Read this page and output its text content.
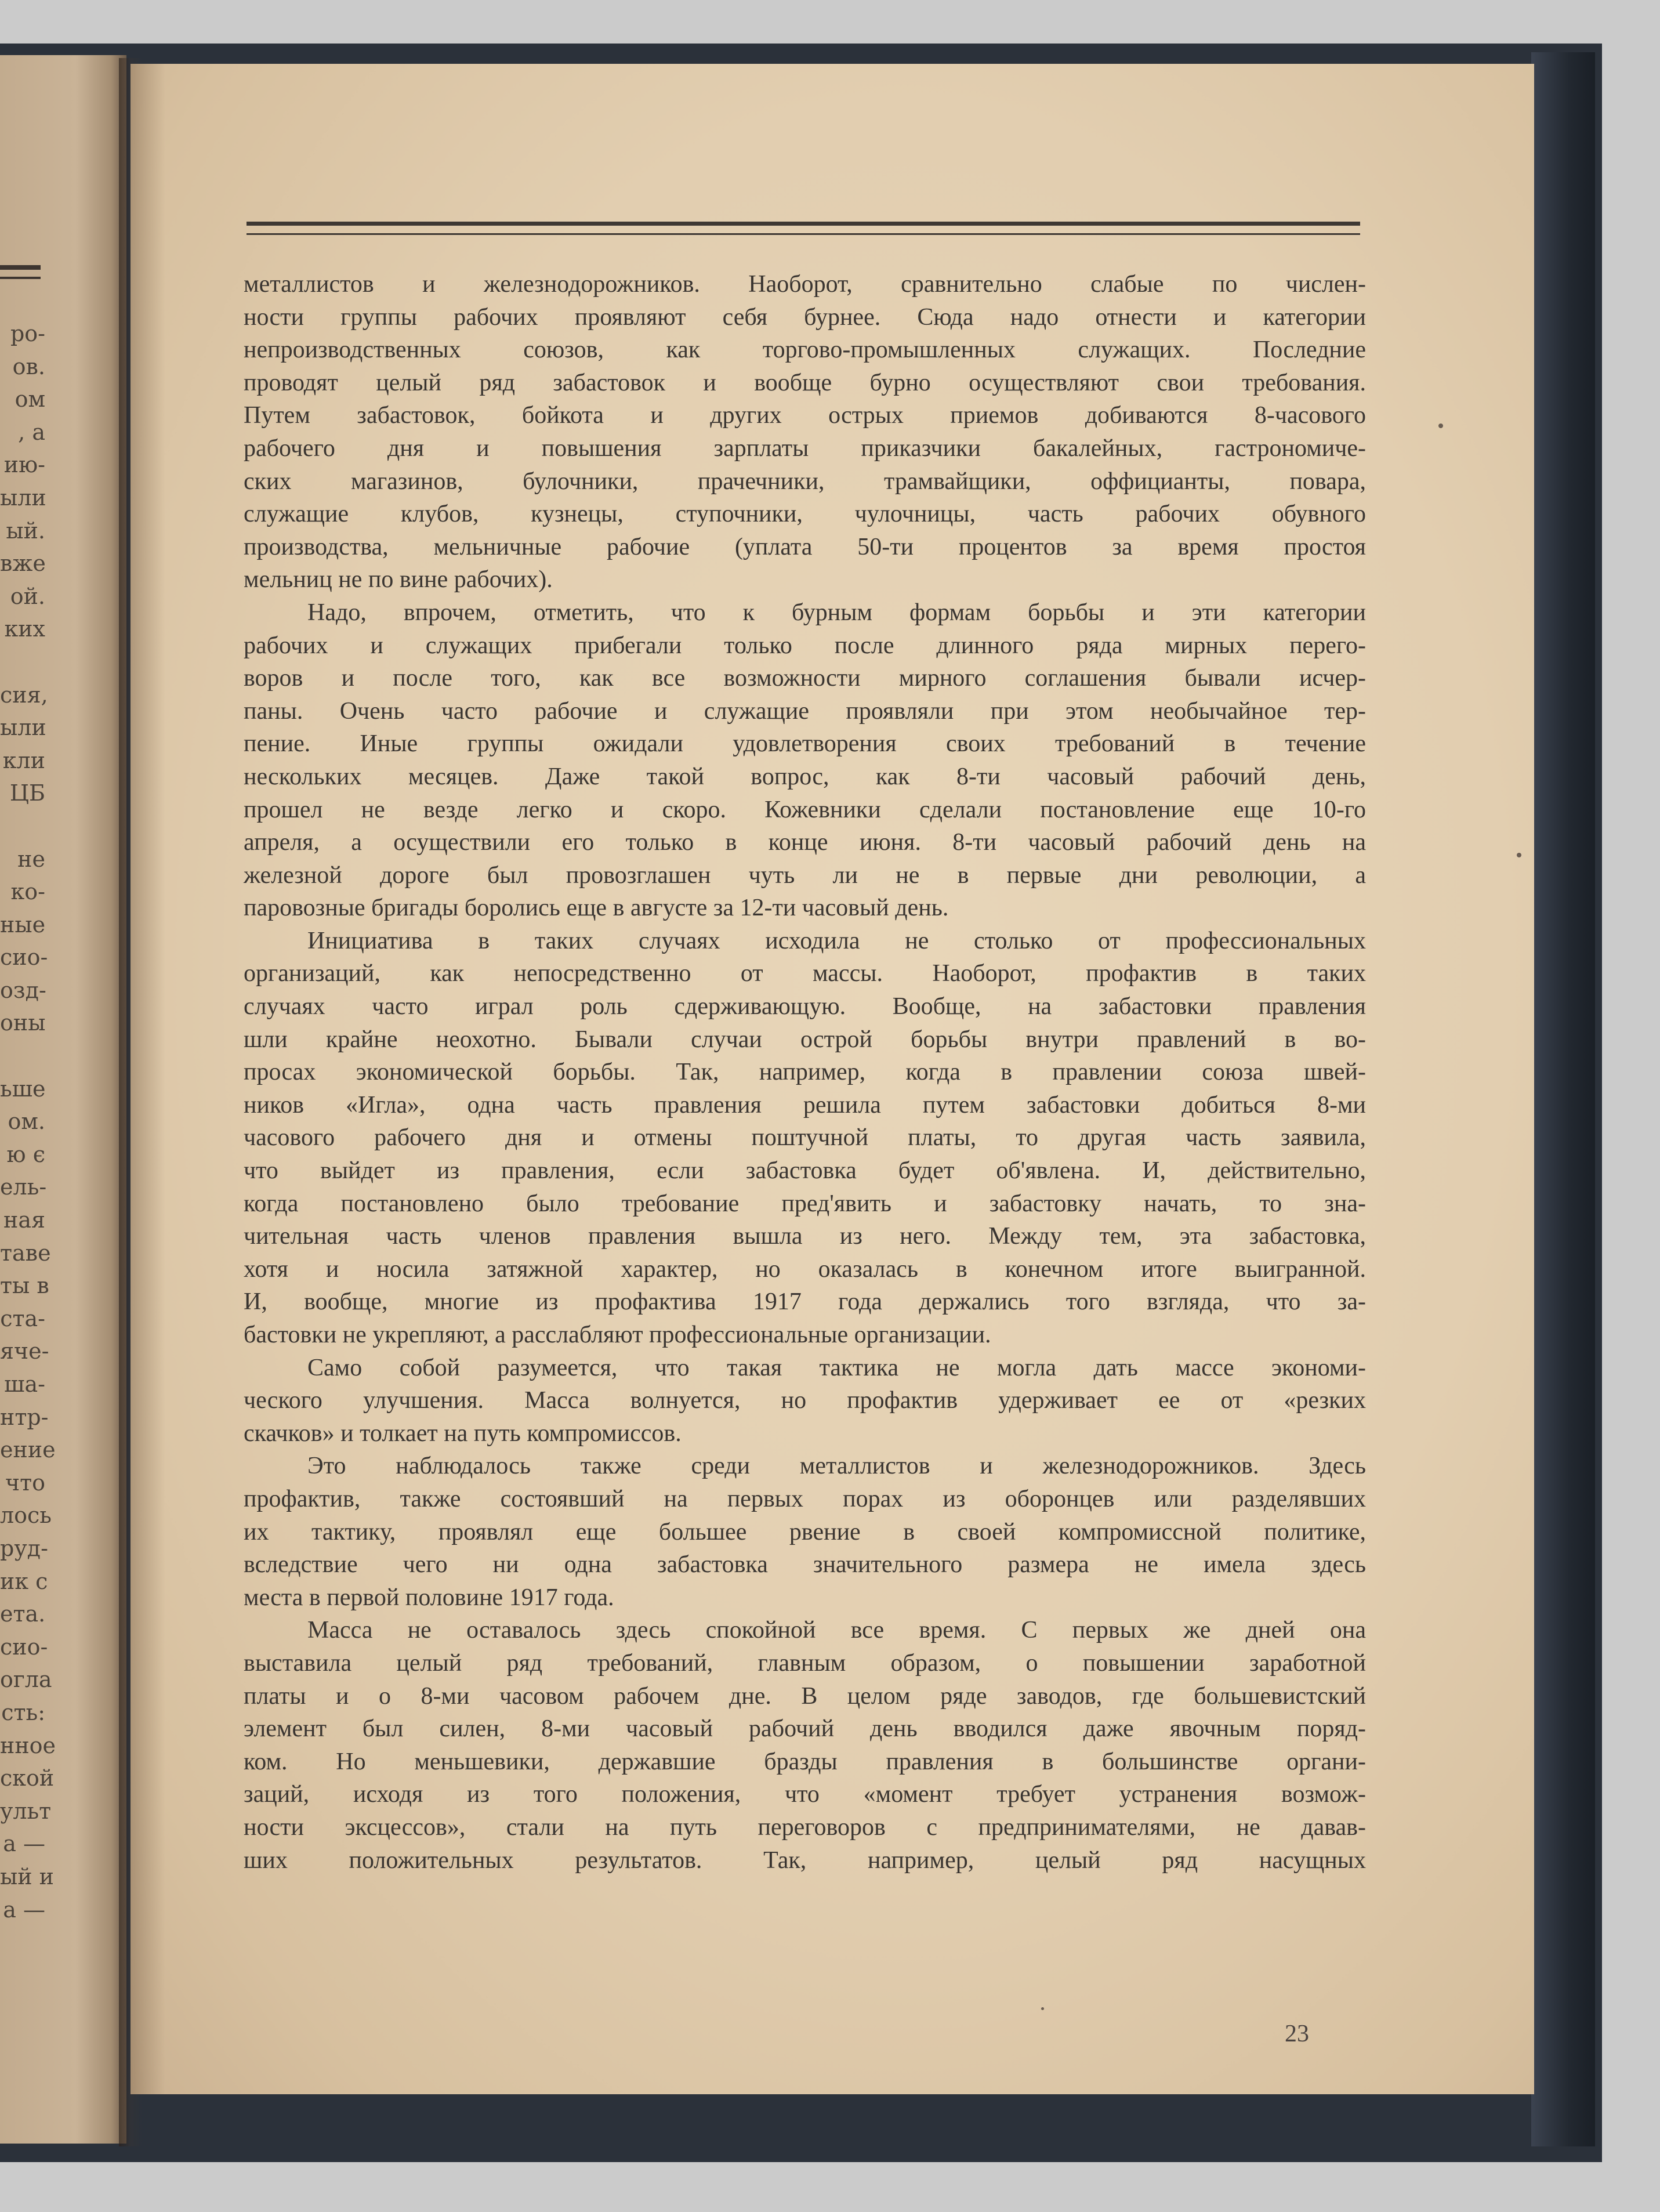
ро-
ов.
ом
, а
ию-
ыли
ый.
вже
ой.
ких
сия,
ыли
кли
ЦБ
не
ко-
ные
сио-
озд-
оны
ьше
ом.
ю є
ель-
ная
таве
ты в
ста-
яче-
ша-
нтр-
ение
что
лось
руд-
ик с
ета.
сио-
огла
сть:
нное
ской
ульт
а —
ый и
а —
металлистов и железнодорожников. Наоборот, сравнительно слабые по числен-
ности группы рабочих проявляют себя бурнее. Сюда надо отнести и категории
непроизводственных союзов, как торгово-промышленных служащих. Последние
проводят целый ряд забастовок и вообще бурно осуществляют свои требования.
Путем забастовок, бойкота и других острых приемов добиваются 8-часового
рабочего дня и повышения зарплаты приказчики бакалейных, гастрономиче-
ских магазинов, булочники, прачечники, трамвайщики, оффицианты, повара,
служащие клубов, кузнецы, ступочники, чулочницы, часть рабочих обувного
производства, мельничные рабочие (уплата 50-ти процентов за время простоя
мельниц не по вине рабочих).
Надо, впрочем, отметить, что к бурным формам борьбы и эти категории
рабочих и служащих прибегали только после длинного ряда мирных перего-
воров и после того, как все возможности мирного соглашения бывали исчер-
паны. Очень часто рабочие и служащие проявляли при этом необычайное тер-
пение. Иные группы ожидали удовлетворения своих требований в течение
нескольких месяцев. Даже такой вопрос, как 8-ти часовый рабочий день,
прошел не везде легко и скоро. Кожевники сделали постановление еще 10-го
апреля, а осуществили его только в конце июня. 8-ти часовый рабочий день на
железной дороге был провозглашен чуть ли не в первые дни революции, а
паровозные бригады боролись еще в августе за 12-ти часовый день.
Инициатива в таких случаях исходила не столько от профессиональных
организаций, как непосредственно от массы. Наоборот, профактив в таких
случаях часто играл роль сдерживающую. Вообще, на забастовки правления
шли крайне неохотно. Бывали случаи острой борьбы внутри правлений в во-
просах экономической борьбы. Так, например, когда в правлении союза швей-
ников «Игла», одна часть правления решила путем забастовки добиться 8-ми
часового рабочего дня и отмены поштучной платы, то другая часть заявила,
что выйдет из правления, если забастовка будет об'явлена. И, действительно,
когда постановлено было требование пред'явить и забастовку начать, то зна-
чительная часть членов правления вышла из него. Между тем, эта забастовка,
хотя и носила затяжной характер, но оказалась в конечном итоге выигранной.
И, вообще, многие из профактива 1917 года держались того взгляда, что за-
бастовки не укрепляют, а расслабляют профессиональные организации.
Само собой разумеется, что такая тактика не могла дать массе экономи-
ческого улучшения. Масса волнуется, но профактив удерживает ее от «резких
скачков» и толкает на путь компромиссов.
Это наблюдалось также среди металлистов и железнодорожников. Здесь
профактив, также состоявший на первых порах из оборонцев или разделявших
их тактику, проявлял еще большее рвение в своей компромиссной политике,
вследствие чего ни одна забастовка значительного размера не имела здесь
места в первой половине 1917 года.
Масса не оставалось здесь спокойной все время. С первых же дней она
выставила целый ряд требований, главным образом, о повышении заработной
платы и о 8-ми часовом рабочем дне. В целом ряде заводов, где большевистский
элемент был силен, 8-ми часовый рабочий день вводился даже явочным поряд-
ком. Но меньшевики, державшие бразды правления в большинстве органи-
заций, исходя из того положения, что «момент требует устранения возмож-
ности эксцессов», стали на путь переговоров с предпринимателями, не давав-
ших положительных результатов. Так, например, целый ряд насущных
23
